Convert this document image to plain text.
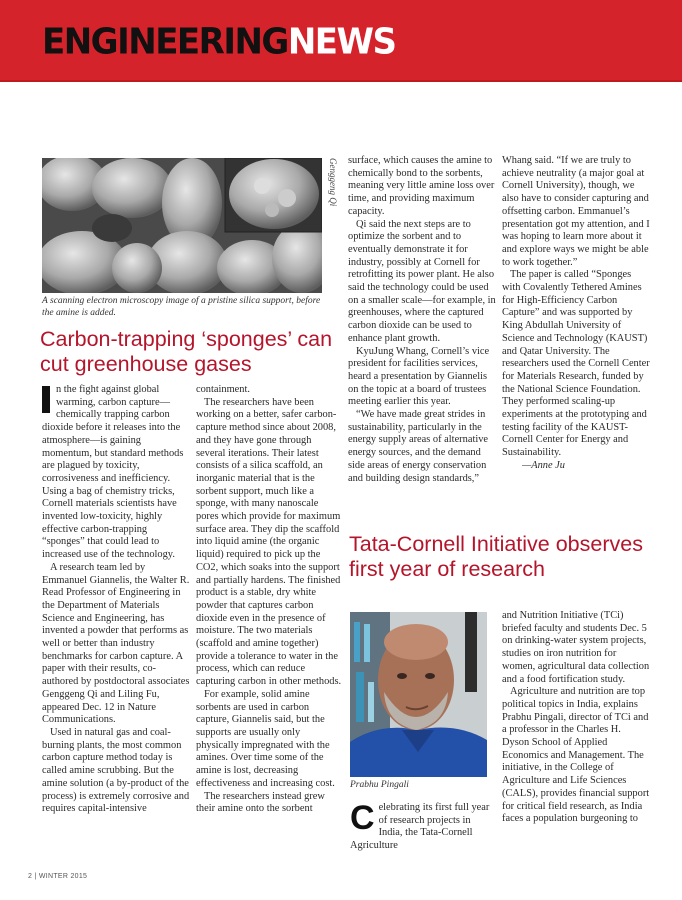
ENGINEERINGNEWS
Genggeng Qi
A scanning electron microscopy image of a pristine silica support, before the amine is added.
Carbon-trapping ‘sponges’ can cut greenhouse gases

n the fight against global warming, carbon capture—chemically trapping carbon dioxide before it releases into the atmosphere—is gaining momentum, but standard methods are plagued by toxicity, corrosiveness and inefficiency. Using a bag of chemistry tricks, Cornell materials scientists have invented low-toxicity, highly effective carbon-trapping “sponges” that could lead to increased use of the technology.

A research team led by Emmanuel Giannelis, the Walter R. Read Professor of Engineering in the Department of Materials Science and Engineering, has invented a powder that performs as well or better than industry benchmarks for carbon capture. A paper with their results, co-authored by postdoctoral associates Genggeng Qi and Liling Fu, appeared Dec. 12 in Nature Communications.

Used in natural gas and coal-burning plants, the most common carbon capture method today is called amine scrubbing. But the amine solution (a by-product of the process) is extremely corrosive and requires capital-intensive

containment.

The researchers have been working on a better, safer carbon-capture method since about 2008, and they have gone through several iterations. Their latest consists of a silica scaffold, an inorganic material that is the sorbent support, much like a sponge, with many nanoscale pores which provide for maximum surface area. They dip the scaffold into liquid amine (the organic liquid) required to pick up the CO2, which soaks into the support and partially hardens. The finished product is a stable, dry white powder that captures carbon dioxide even in the presence of moisture. The two materials (scaffold and amine together) provide a tolerance to water in the process, which can reduce capturing carbon in other methods.

For example, solid amine sorbents are used in carbon capture, Giannelis said, but the supports are usually only physically impregnated with the amines. Over time some of the amine is lost, decreasing effectiveness and increasing cost.

The researchers instead grew their amine onto the sorbent

surface, which causes the amine to chemically bond to the sorbents, meaning very little amine loss over time, and providing maximum capacity.

Qi said the next steps are to optimize the sorbent and to eventually demonstrate it for industry, possibly at Cornell for retrofitting its power plant. He also said the technology could be used on a smaller scale—for example, in greenhouses, where the captured carbon dioxide can be used to enhance plant growth.

KyuJung Whang, Cornell’s vice president for facilities services, heard a presentation by Giannelis on the topic at a board of trustees meeting earlier this year.

“We have made great strides in sustainability, particularly in the energy supply areas of alternative energy sources, and the demand side areas of energy conservation and building design standards,”

Whang said. “If we are truly to achieve neutrality (a major goal at Cornell University), though, we also have to consider capturing and offsetting carbon. Emmanuel’s presentation got my attention, and I was hoping to learn more about it and explore ways we might be able to work together.”

The paper is called “Sponges with Covalently Tethered Amines for High-Efficiency Carbon Capture” and was supported by King Abdullah University of Science and Technology (KAUST) and Qatar University. The researchers used the Cornell Center for Materials Research, funded by the National Science Foundation. They performed scaling-up experiments at the prototyping and testing facility of the KAUST-Cornell Center for Energy and Sustainability.

—Anne Ju

Tata-Cornell Initiative observes first year of research
Prabhu Pingali

Celebrating its first full year of research projects in India, the Tata-Cornell Agriculture

and Nutrition Initiative (TCi) briefed faculty and students Dec. 5 on drinking-water system projects, studies on iron nutrition for women, agricultural data collection and a food fortification study.

Agriculture and nutrition are top political topics in India, explains Prabhu Pingali, director of TCi and a professor in the Charles H. Dyson School of Applied Economics and Management. The initiative, in the College of Agriculture and Life Sciences (CALS), provides financial support for critical field research, as India faces a population burgeoning to

2 | WINTER 2015
